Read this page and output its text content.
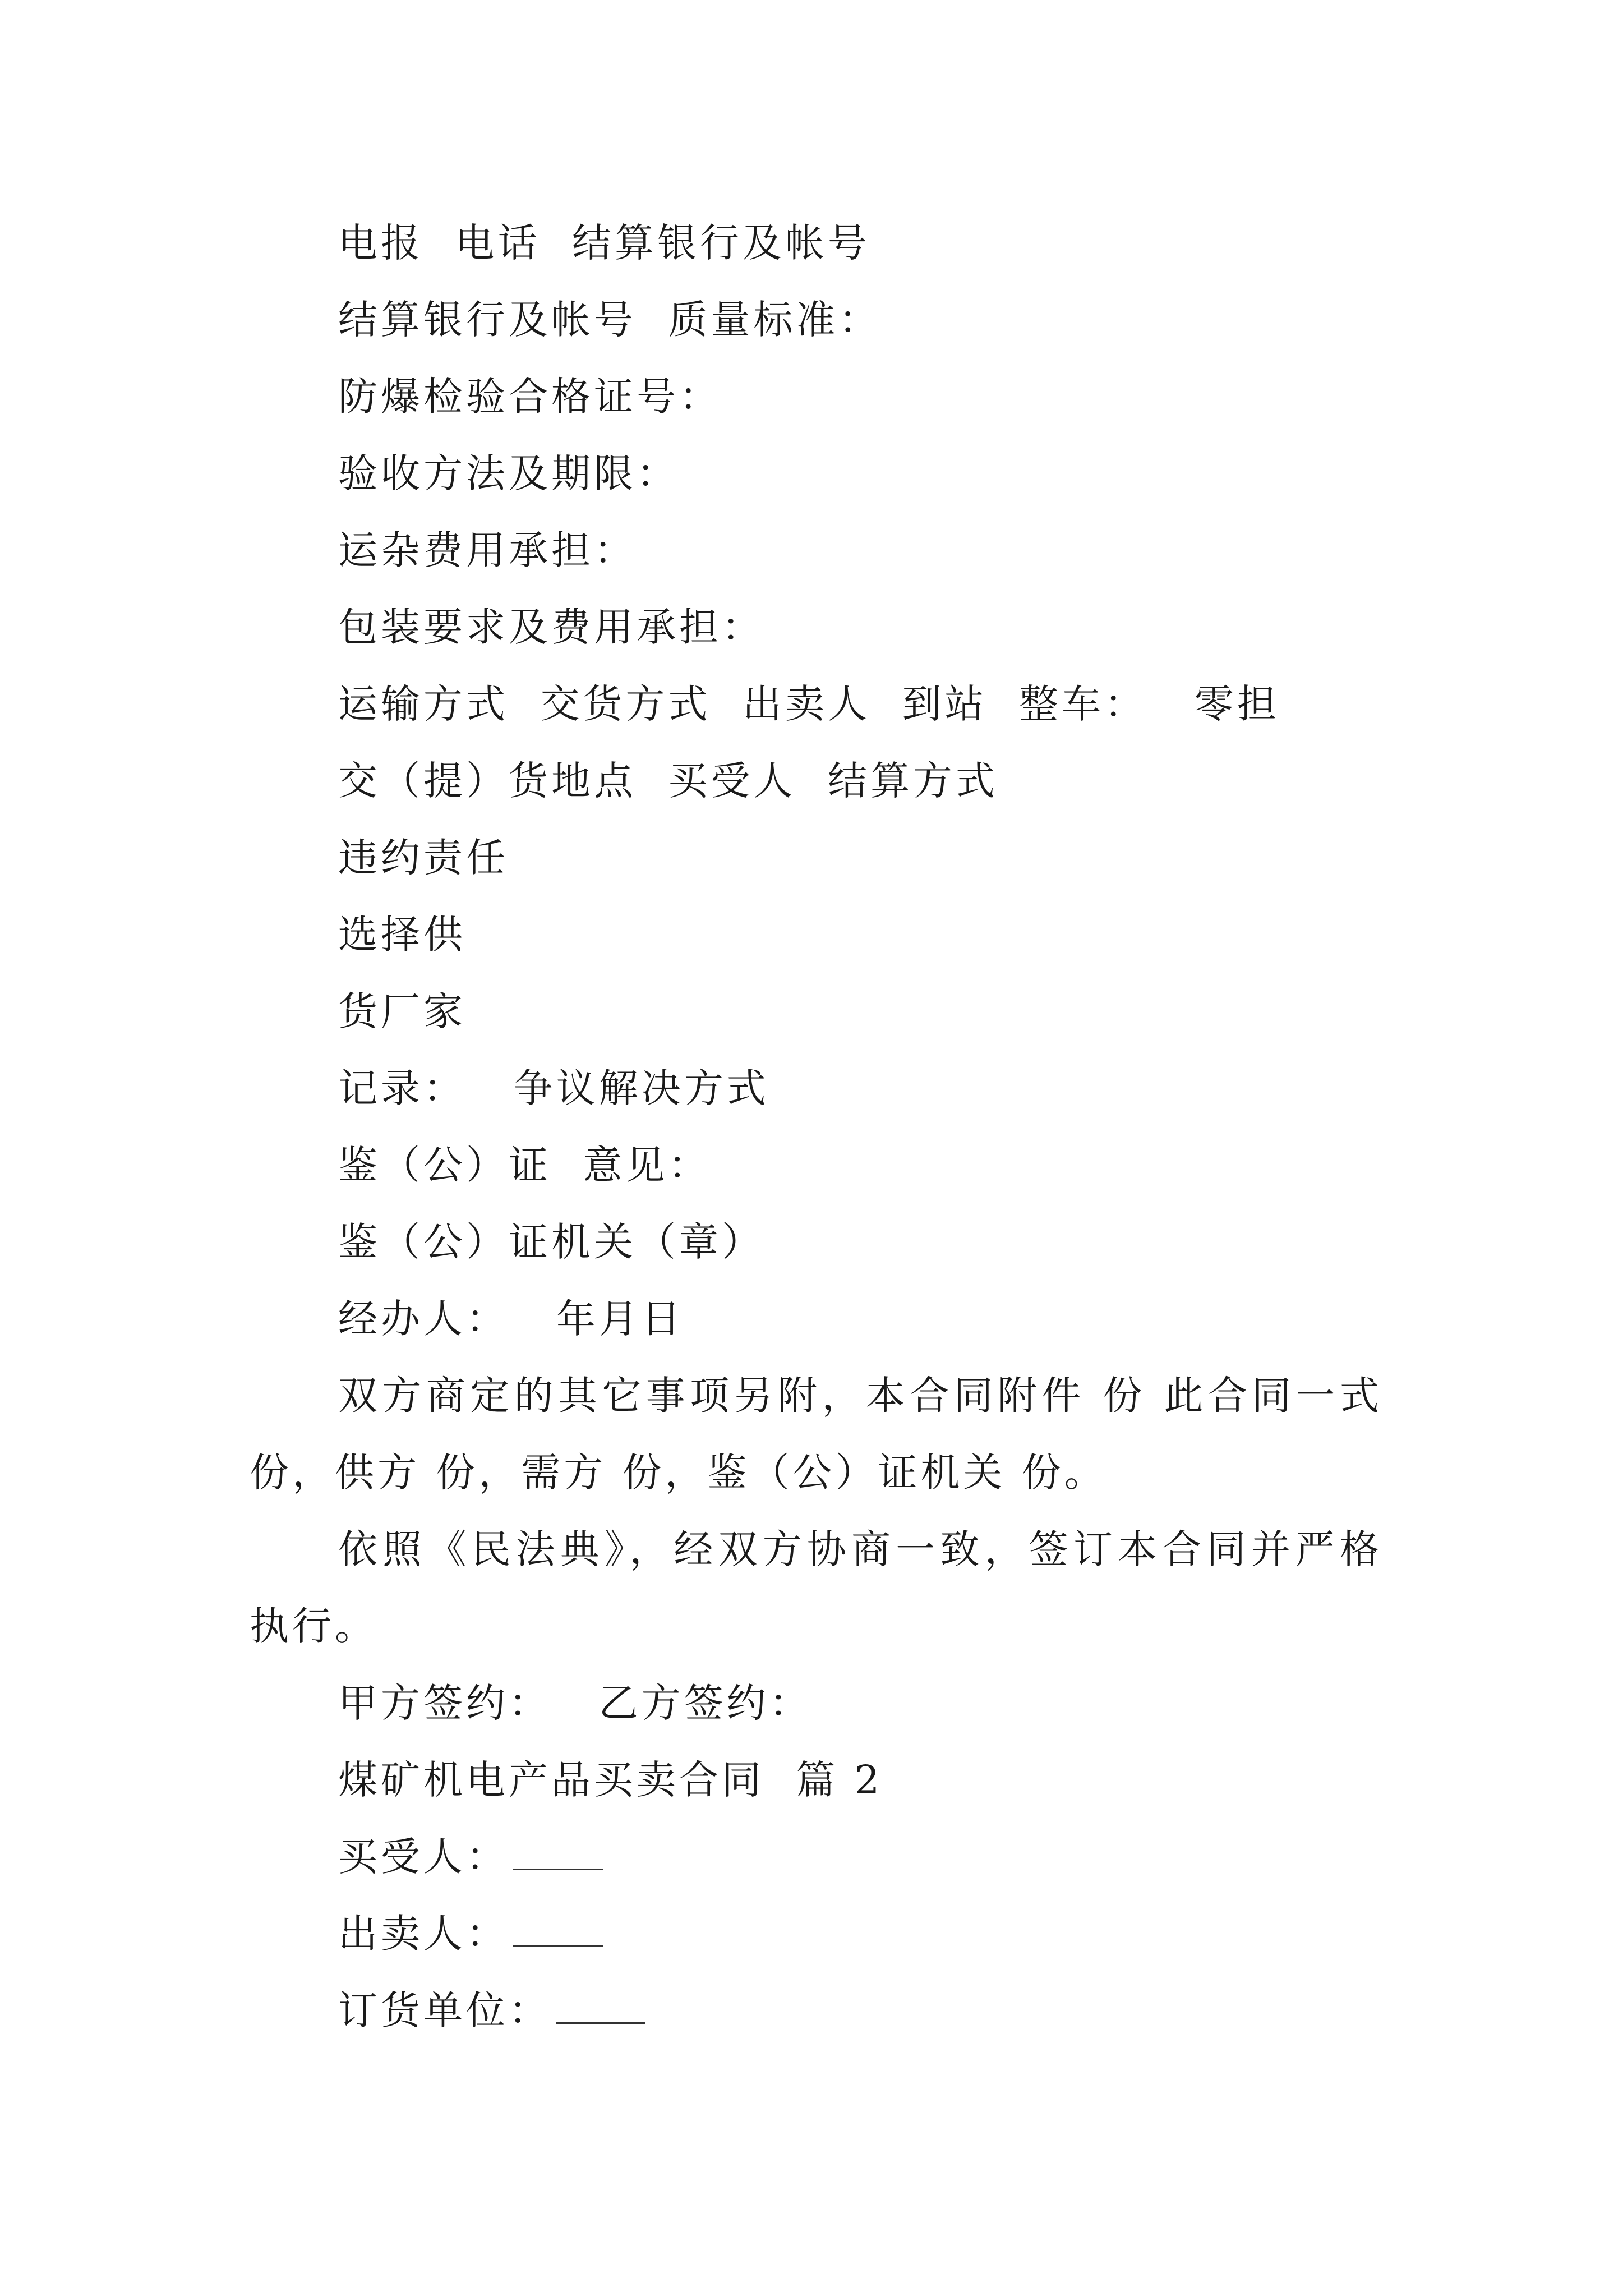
电报  电话  结算银行及帐号
结算银行及帐号  质量标准：
防爆检验合格证号：
验收方法及期限：
运杂费用承担：
包装要求及费用承担：
运输方式  交货方式  出卖人  到站  整车：   零担
交（提）货地点  买受人  结算方式
违约责任
选择供
货厂家
记录：   争议解决方式
鉴（公）证  意见：
鉴（公）证机关（章）
经办人：   年月日
双方商定的其它事项另附，本合同附件 份 此合同一式 份，供方 份，需方 份，鉴（公）证机关 份。
依照《民法典》，经双方协商一致，签订本合同并严格执行。
甲方签约：   乙方签约：
煤矿机电产品买卖合同  篇 2
买受人：
出卖人：
订货单位：
